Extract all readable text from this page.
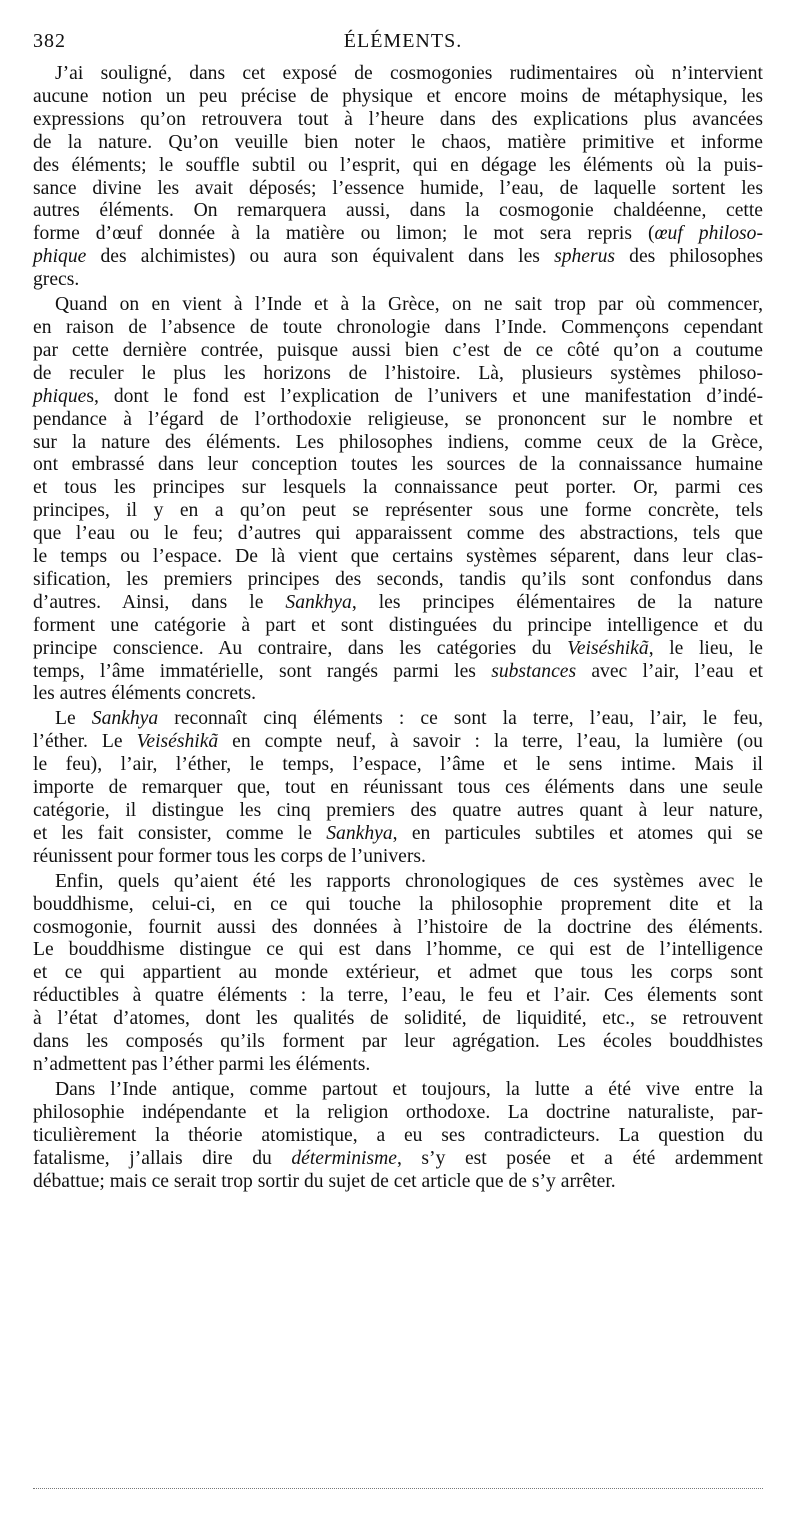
382	ÉLÉMENTS.
J’ai souligné, dans cet exposé de cosmogonies rudimentaires où n’intervient
aucune notion un peu précise de physique et encore moins de métaphysique, les
expressions qu’on retrouvera tout à l’heure dans des explications plus avancées
de la nature. Qu’on veuille bien noter le chaos, matière primitive et informe
des éléments; le souffle subtil ou l’esprit, qui en dégage les éléments où la puis-
sance divine les avait déposés; l’essence humide, l’eau, de laquelle sortent les
autres éléments. On remarquera aussi, dans la cosmogonie chaldéenne, cette
forme d’œuf donnée à la matière ou limon; le mot sera repris (œuf philoso-
phique des alchimistes) ou aura son équivalent dans les spherus des philosophes
grecs.
Quand on en vient à l’Inde et à la Grèce, on ne sait trop par où commencer,
en raison de l’absence de toute chronologie dans l’Inde. Commençons cependant
par cette dernière contrée, puisque aussi bien c’est de ce côté qu’on a coutume
de reculer le plus les horizons de l’histoire. Là, plusieurs systèmes philoso-
phiques, dont le fond est l’explication de l’univers et une manifestation d’indé-
pendance à l’égard de l’orthodoxie religieuse, se prononcent sur le nombre et
sur la nature des éléments. Les philosophes indiens, comme ceux de la Grèce,
ont embrassé dans leur conception toutes les sources de la connaissance humaine
et tous les principes sur lesquels la connaissance peut porter. Or, parmi ces
principes, il y en a qu’on peut se représenter sous une forme concrète, tels
que l’eau ou le feu; d’autres qui apparaissent comme des abstractions, tels que
le temps ou l’espace. De là vient que certains systèmes séparent, dans leur clas-
sification, les premiers principes des seconds, tandis qu’ils sont confondus dans
d’autres. Ainsi, dans le Sankhya, les principes élémentaires de la nature
forment une catégorie à part et sont distinguées du principe intelligence et du
principe conscience. Au contraire, dans les catégories du Veiséshikã, le lieu, le
temps, l’âme immatérielle, sont rangés parmi les substances avec l’air, l’eau et
les autres éléments concrets.
Le Sankhya reconnaît cinq éléments : ce sont la terre, l’eau, l’air, le feu,
l’éther. Le Veiséshikã en compte neuf, à savoir : la terre, l’eau, la lumière (ou
le feu), l’air, l’éther, le temps, l’espace, l’âme et le sens intime. Mais il
importe de remarquer que, tout en réunissant tous ces éléments dans une seule
catégorie, il distingue les cinq premiers des quatre autres quant à leur nature,
et les fait consister, comme le Sankhya, en particules subtiles et atomes qui se
réunissent pour former tous les corps de l’univers.
Enfin, quels qu’aient été les rapports chronologiques de ces systèmes avec le
bouddhisme, celui-ci, en ce qui touche la philosophie proprement dite et la
cosmogonie, fournit aussi des données à l’histoire de la doctrine des éléments.
Le bouddhisme distingue ce qui est dans l’homme, ce qui est de l’intelligence
et ce qui appartient au monde extérieur, et admet que tous les corps sont
réductibles à quatre éléments : la terre, l’eau, le feu et l’air. Ces élements sont
à l’état d’atomes, dont les qualités de solidité, de liquidité, etc., se retrouvent
dans les composés qu’ils forment par leur agrégation. Les écoles bouddhistes
n’admettent pas l’éther parmi les éléments.
Dans l’Inde antique, comme partout et toujours, la lutte a été vive entre la
philosophie indépendante et la religion orthodoxe. La doctrine naturaliste, par-
ticulièrement la théorie atomistique, a eu ses contradicteurs. La question du
fatalisme, j’allais dire du déterminisme, s’y est posée et a été ardemment
débattue; mais ce serait trop sortir du sujet de cet article que de s’y arrêter.
